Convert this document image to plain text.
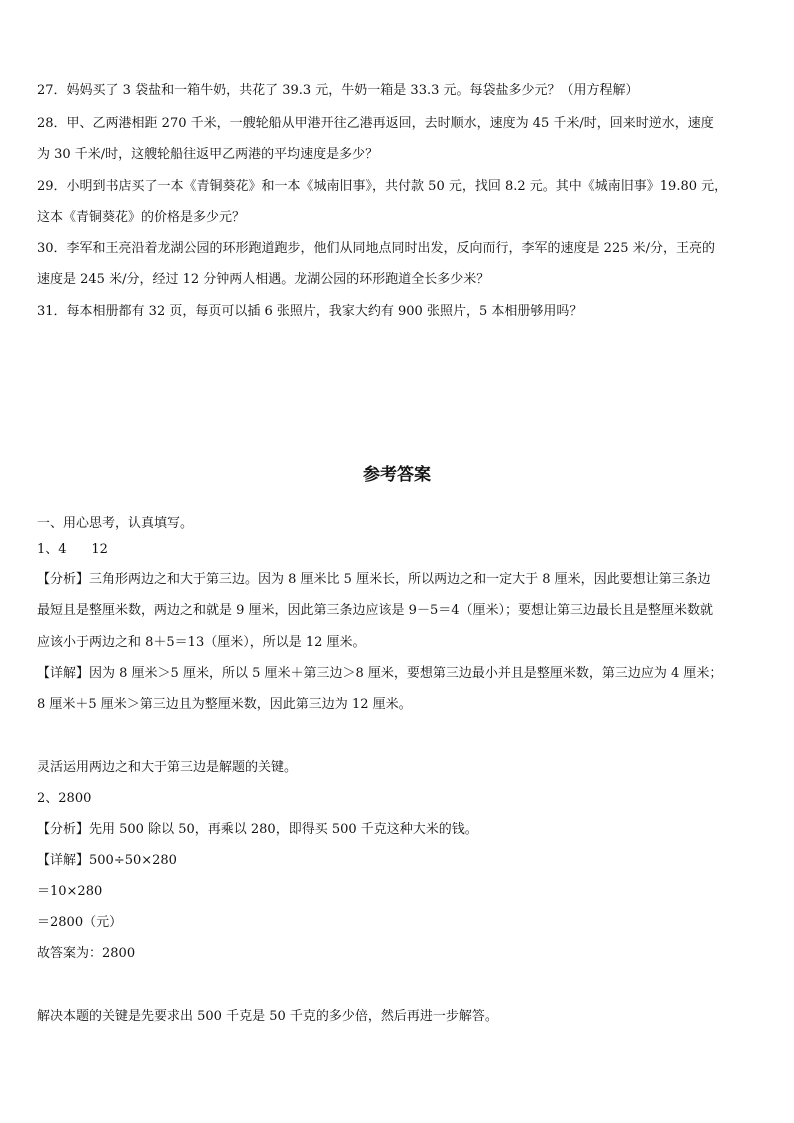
27．妈妈买了 3 袋盐和一箱牛奶，共花了 39.3 元，牛奶一箱是 33.3 元。每袋盐多少元？（用方程解）
28．甲、乙两港相距 270 千米，一艘轮船从甲港开往乙港再返回，去时顺水，速度为 45 千米/时，回来时逆水，速度
为 30 千米/时，这艘轮船往返甲乙两港的平均速度是多少？
29．小明到书店买了一本《青铜葵花》和一本《城南旧事》，共付款 50 元，找回 8.2 元。其中《城南旧事》19.80 元，
这本《青铜葵花》的价格是多少元？
30．李军和王亮沿着龙湖公园的环形跑道跑步，他们从同地点同时出发，反向而行，李军的速度是 225 米/分，王亮的
速度是 245 米/分，经过 12 分钟两人相遇。龙湖公园的环形跑道全长多少米？
31．每本相册都有 32 页，每页可以插 6 张照片，我家大约有 900 张照片，5 本相册够用吗？
参考答案
一、用心思考，认真填写。
1、4      12
【分析】三角形两边之和大于第三边。因为 8 厘米比 5 厘米长，所以两边之和一定大于 8 厘米，因此要想让第三条边
最短且是整厘米数，两边之和就是 9 厘米，因此第三条边应该是 9－5＝4（厘米）；要想让第三边最长且是整厘米数就
应该小于两边之和 8＋5＝13（厘米），所以是 12 厘米。
【详解】因为 8 厘米＞5 厘米，所以 5 厘米＋第三边＞8 厘米，要想第三边最小并且是整厘米数，第三边应为 4 厘米；
8 厘米＋5 厘米＞第三边且为整厘米数，因此第三边为 12 厘米。
灵活运用两边之和大于第三边是解题的关键。
2、2800
【分析】先用 500 除以 50，再乘以 280，即得买 500 千克这种大米的钱。
【详解】500÷50×280
＝10×280
＝2800（元）
故答案为：2800
解决本题的关键是先要求出 500 千克是 50 千克的多少倍，然后再进一步解答。
